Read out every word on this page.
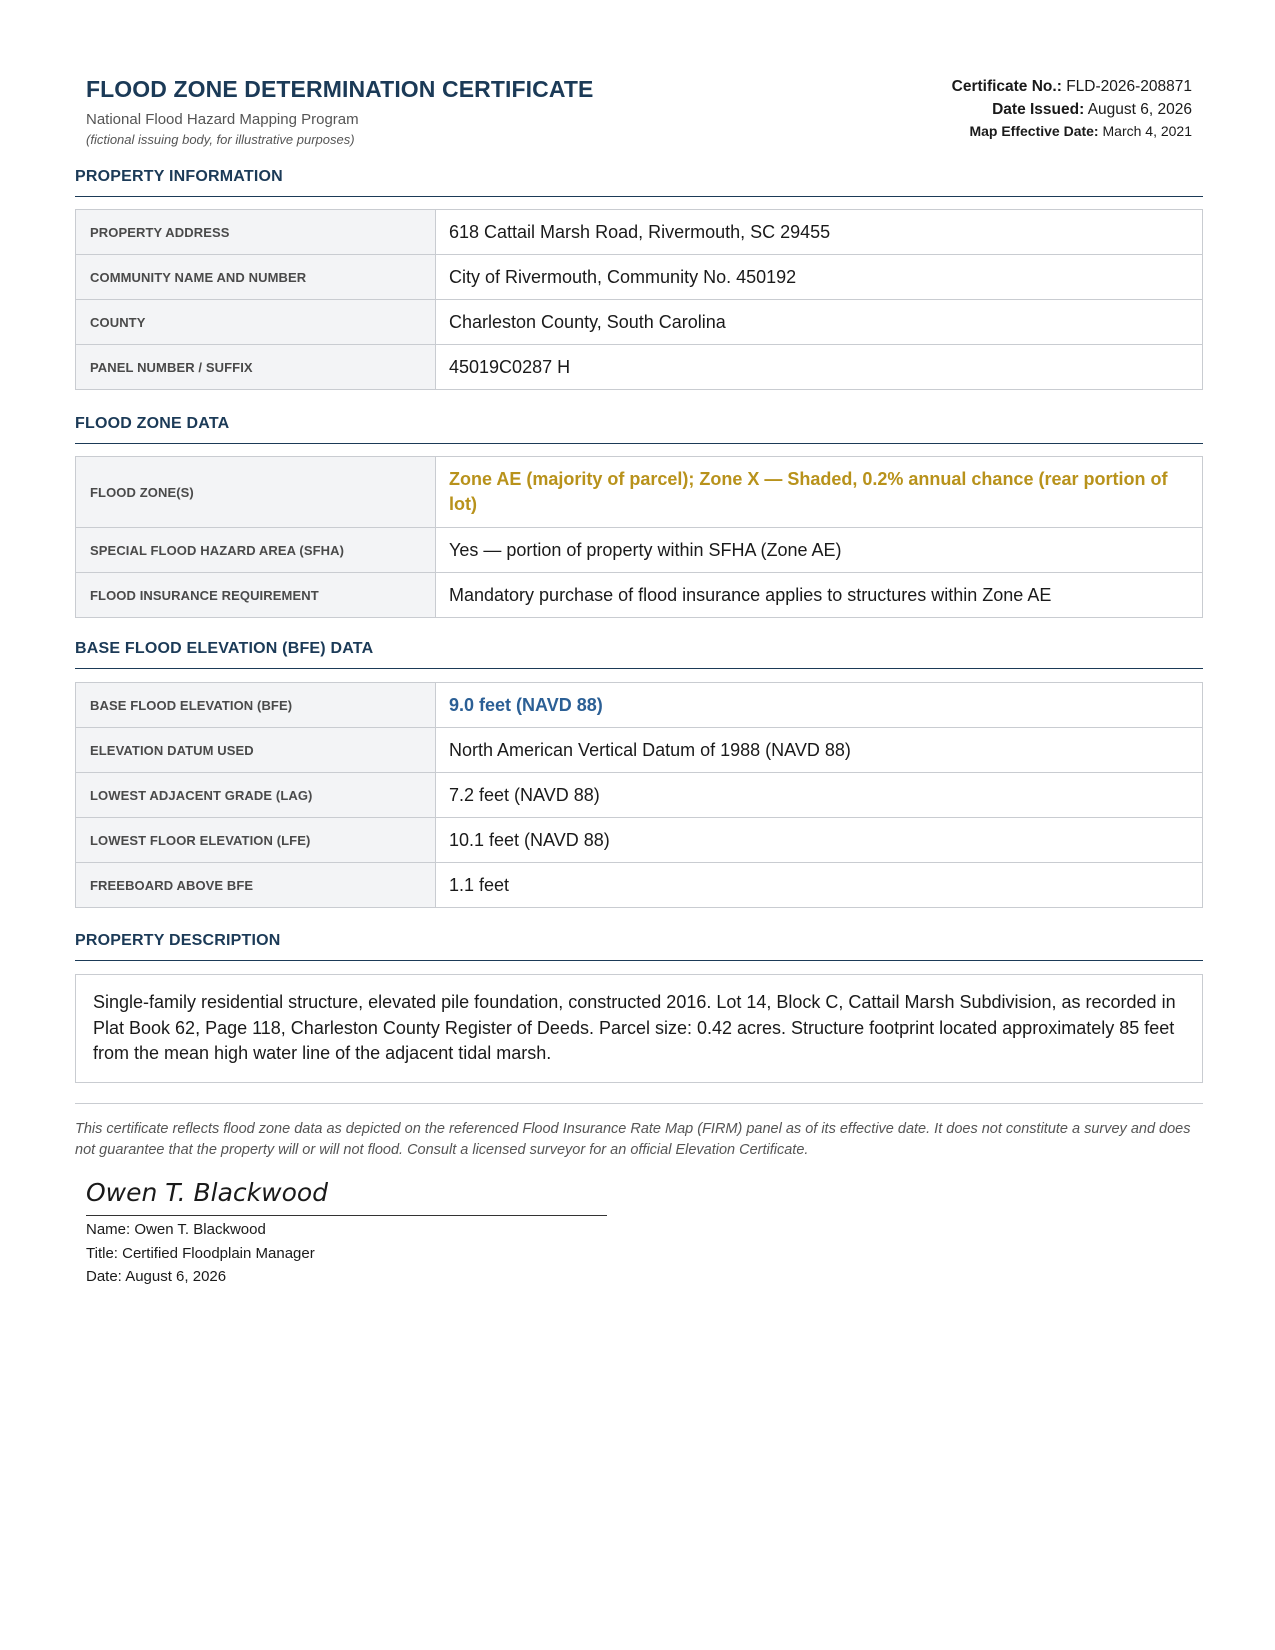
FLOOD ZONE DETERMINATION CERTIFICATE
National Flood Hazard Mapping Program
(fictional issuing body, for illustrative purposes)
Certificate No.: FLD-2026-208871
Date Issued: August 6, 2026
Map Effective Date: March 4, 2021
PROPERTY INFORMATION
PROPERTY ADDRESS	618 Cattail Marsh Road, Rivermouth, SC 29455
COMMUNITY NAME AND NUMBER	City of Rivermouth, Community No. 450192
COUNTY	Charleston County, South Carolina
PANEL NUMBER / SUFFIX	45019C0287 H
FLOOD ZONE DATA
FLOOD ZONE(S)	Zone AE (majority of parcel); Zone X — Shaded, 0.2% annual chance (rear portion of lot)
SPECIAL FLOOD HAZARD AREA (SFHA)	Yes — portion of property within SFHA (Zone AE)
FLOOD INSURANCE REQUIREMENT	Mandatory purchase of flood insurance applies to structures within Zone AE
BASE FLOOD ELEVATION (BFE) DATA
BASE FLOOD ELEVATION (BFE)	9.0 feet (NAVD 88)
ELEVATION DATUM USED	North American Vertical Datum of 1988 (NAVD 88)
LOWEST ADJACENT GRADE (LAG)	7.2 feet (NAVD 88)
LOWEST FLOOR ELEVATION (LFE)	10.1 feet (NAVD 88)
FREEBOARD ABOVE BFE	1.1 feet
PROPERTY DESCRIPTION
Single-family residential structure, elevated pile foundation, constructed 2016. Lot 14, Block C, Cattail Marsh Subdivision, as recorded in Plat Book 62, Page 118, Charleston County Register of Deeds. Parcel size: 0.42 acres. Structure footprint located approximately 85 feet from the mean high water line of the adjacent tidal marsh.
This certificate reflects flood zone data as depicted on the referenced Flood Insurance Rate Map (FIRM) panel as of its effective date. It does not constitute a survey and does not guarantee that the property will or will not flood. Consult a licensed surveyor for an official Elevation Certificate.
Owen T. Blackwood
Name: Owen T. Blackwood
Title: Certified Floodplain Manager
Date: August 6, 2026
